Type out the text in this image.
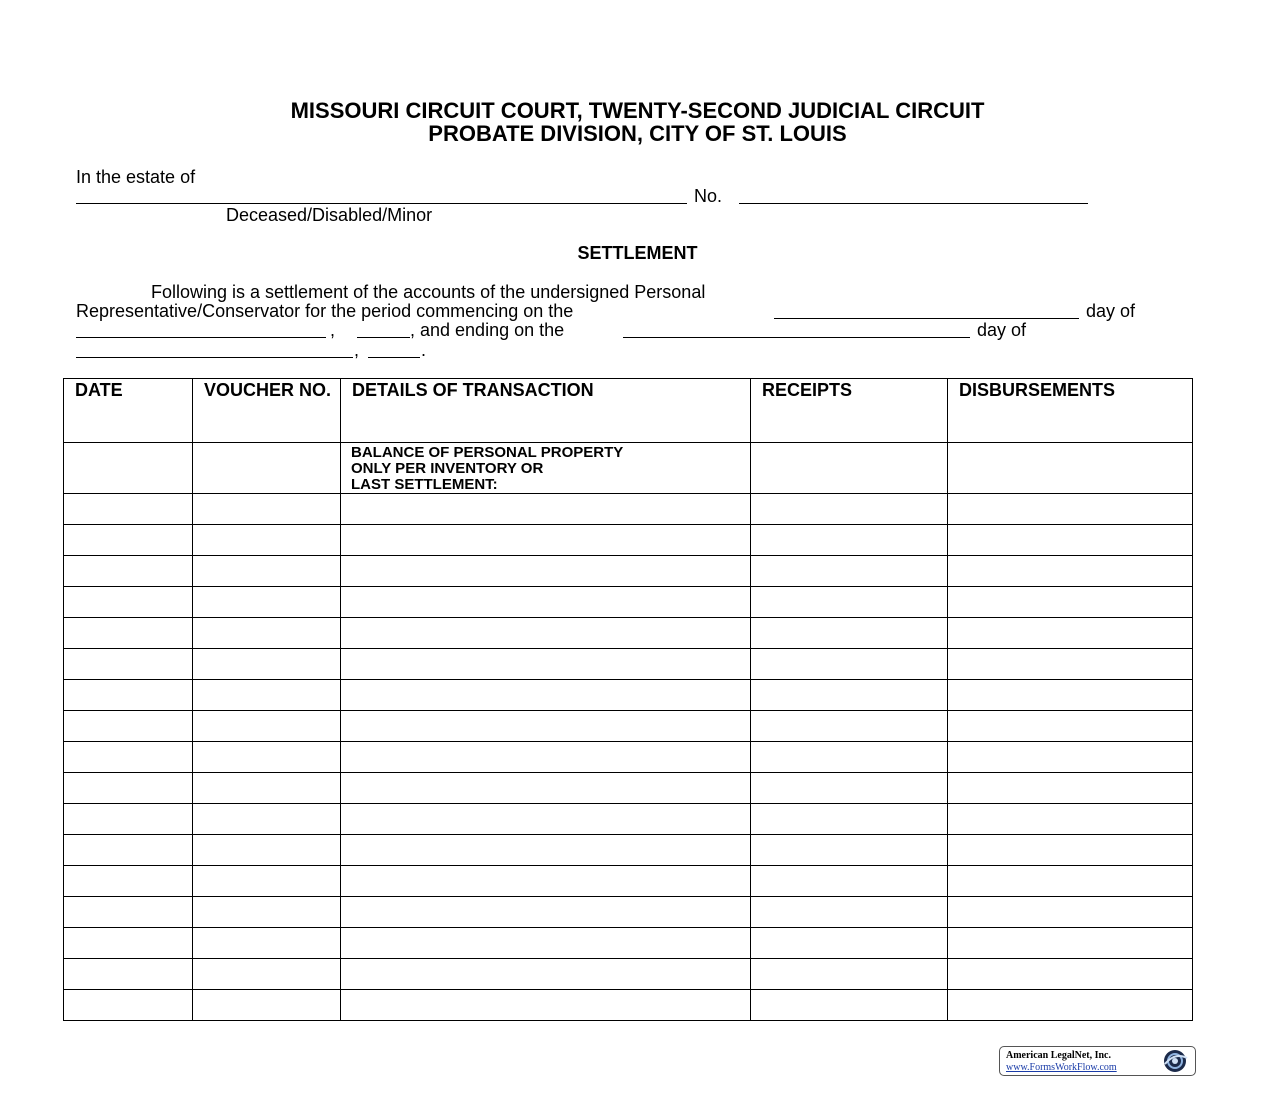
MISSOURI CIRCUIT COURT, TWENTY-SECOND JUDICIAL CIRCUIT
PROBATE DIVISION, CITY OF ST. LOUIS
In the estate of
No.
Deceased/Disabled/Minor
SETTLEMENT
Following is a settlement of the accounts of the undersigned Personal
Representative/Conservator for the period commencing on the	day of
,	, and ending on the	day of
,	.
DATE	VOUCHER NO.	DETAILS OF TRANSACTION	RECEIPTS	DISBURSEMENTS

		BALANCE OF PERSONAL PROPERTY
ONLY PER INVENTORY OR
LAST SETTLEMENT:		

American LegalNet, Inc.
www.FormsWorkFlow.com
